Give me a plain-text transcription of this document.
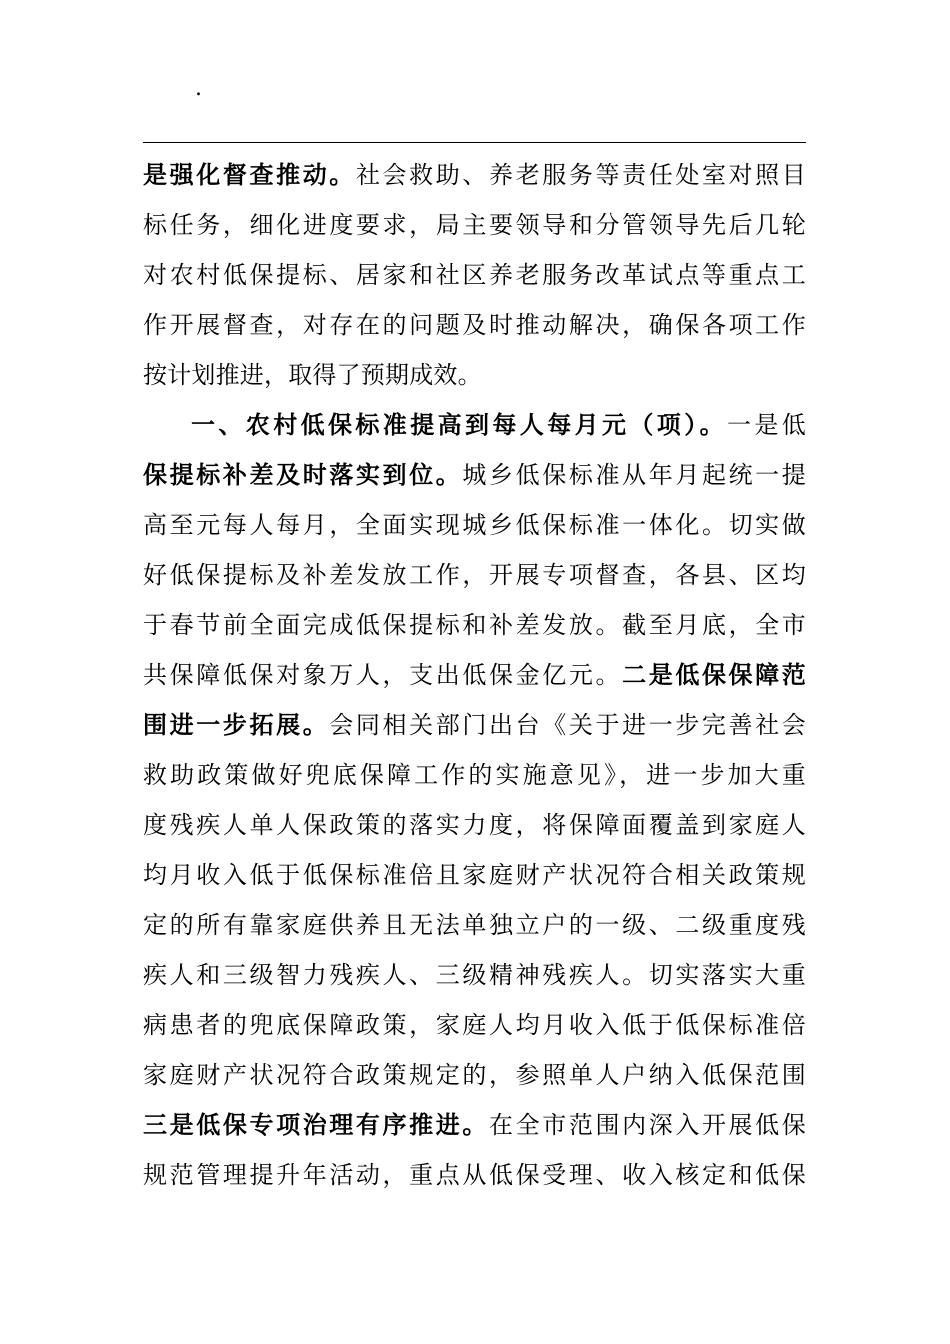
.
是强化督查推动。社会救助、养老服务等责任处室对照目
标任务，细化进度要求，局主要领导和分管领导先后几轮
对农村低保提标、居家和社区养老服务改革试点等重点工
作开展督查，对存在的问题及时推动解决，确保各项工作
按计划推进，取得了预期成效。
一、农村低保标准提高到每人每月元（项）。一是低
保提标补差及时落实到位。城乡低保标准从年月起统一提
高至元每人每月，全面实现城乡低保标准一体化。切实做
好低保提标及补差发放工作，开展专项督查，各县、区均
于春节前全面完成低保提标和补差发放。截至月底，全市
共保障低保对象万人，支出低保金亿元。二是低保保障范
围进一步拓展。会同相关部门出台《关于进一步完善社会
救助政策做好兜底保障工作的实施意见》，进一步加大重
度残疾人单人保政策的落实力度，将保障面覆盖到家庭人
均月收入低于低保标准倍且家庭财产状况符合相关政策规
定的所有靠家庭供养且无法单独立户的一级、二级重度残
疾人和三级智力残疾人、三级精神残疾人。切实落实大重
病患者的兜底保障政策，家庭人均月收入低于低保标准倍
家庭财产状况符合政策规定的，参照单人户纳入低保范围
三是低保专项治理有序推进。在全市范围内深入开展低保
规范管理提升年活动，重点从低保受理、收入核定和低保
